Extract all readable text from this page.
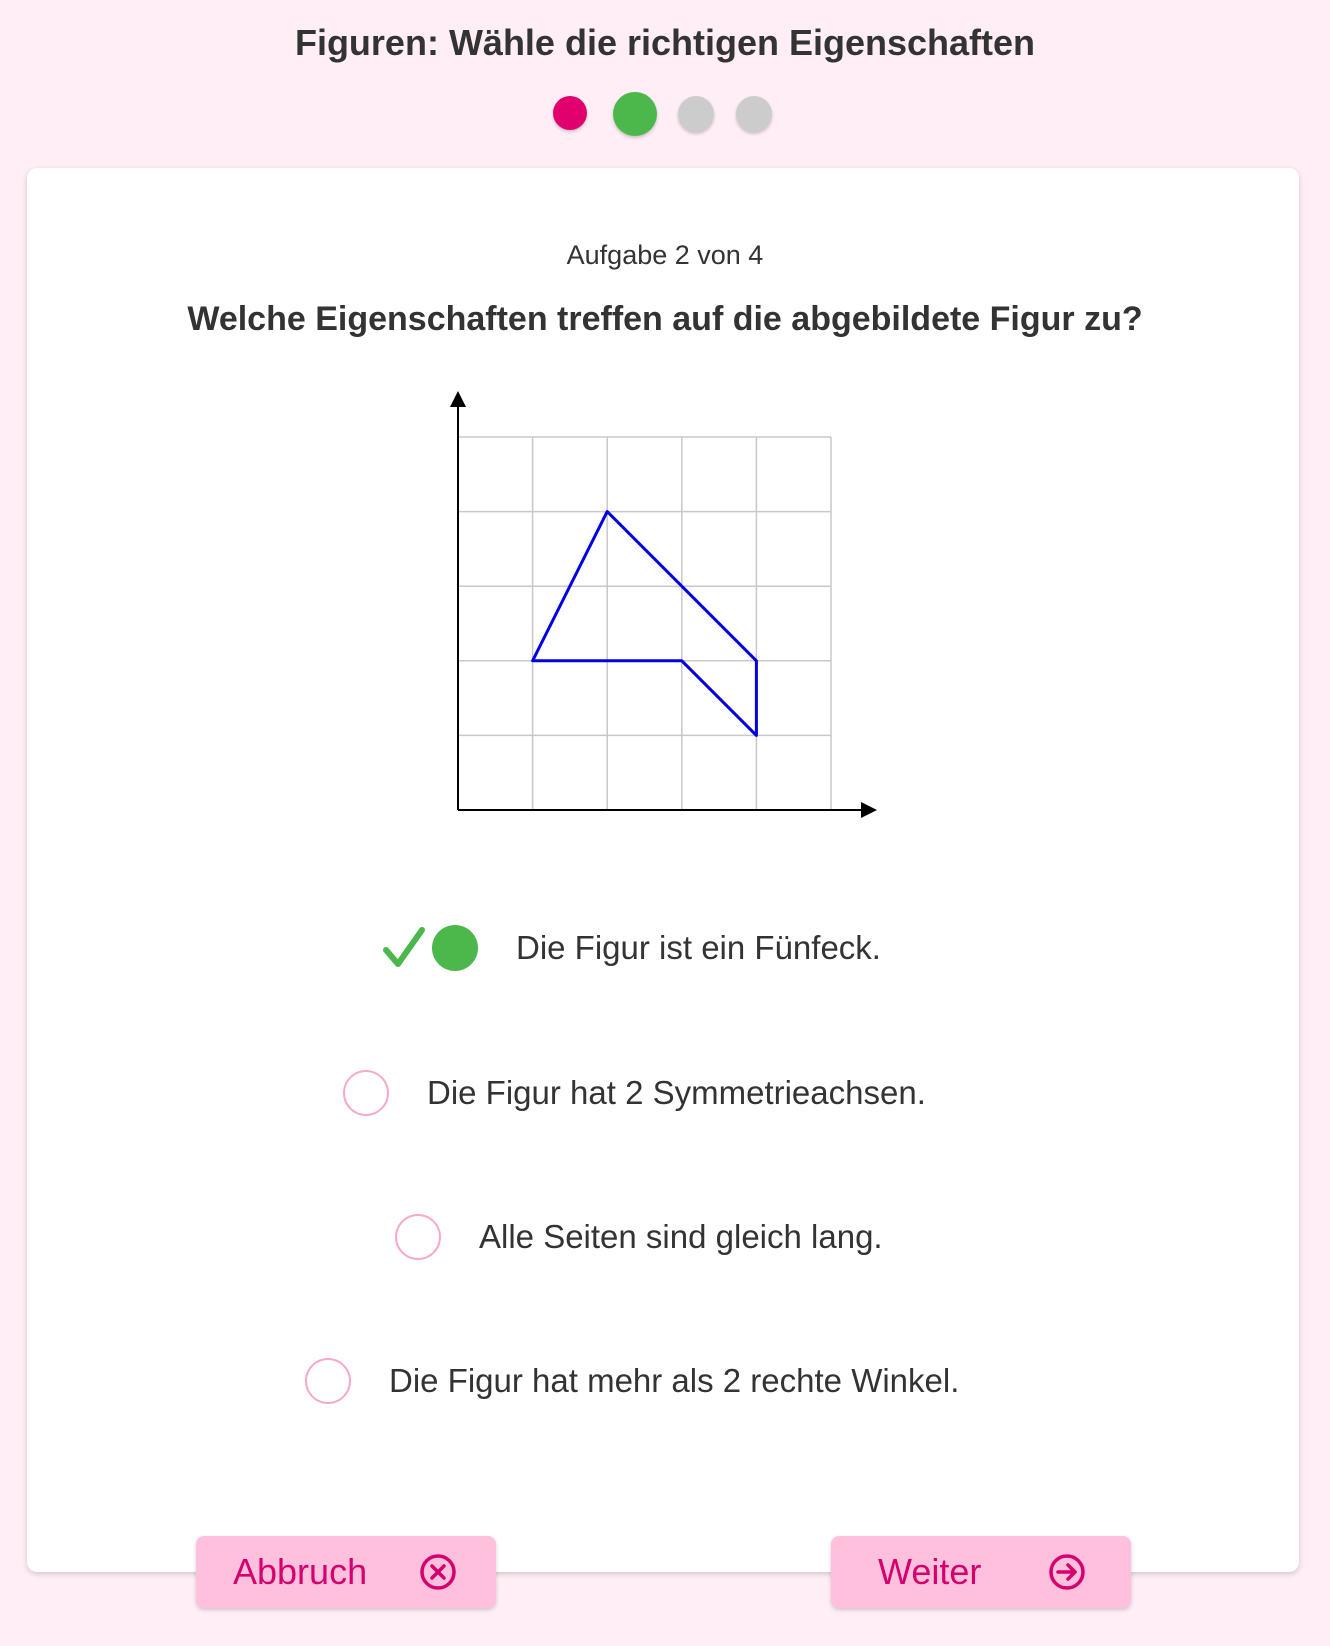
Figuren: Wähle die richtigen Eigenschaften
Aufgabe 2 von 4
Welche Eigenschaften treffen auf die abgebildete Figur zu?
Die Figur ist ein Fünfeck.
Die Figur hat 2 Symmetrieachsen.
Alle Seiten sind gleich lang.
Die Figur hat mehr als 2 rechte Winkel.
Abbruch	Weiter
